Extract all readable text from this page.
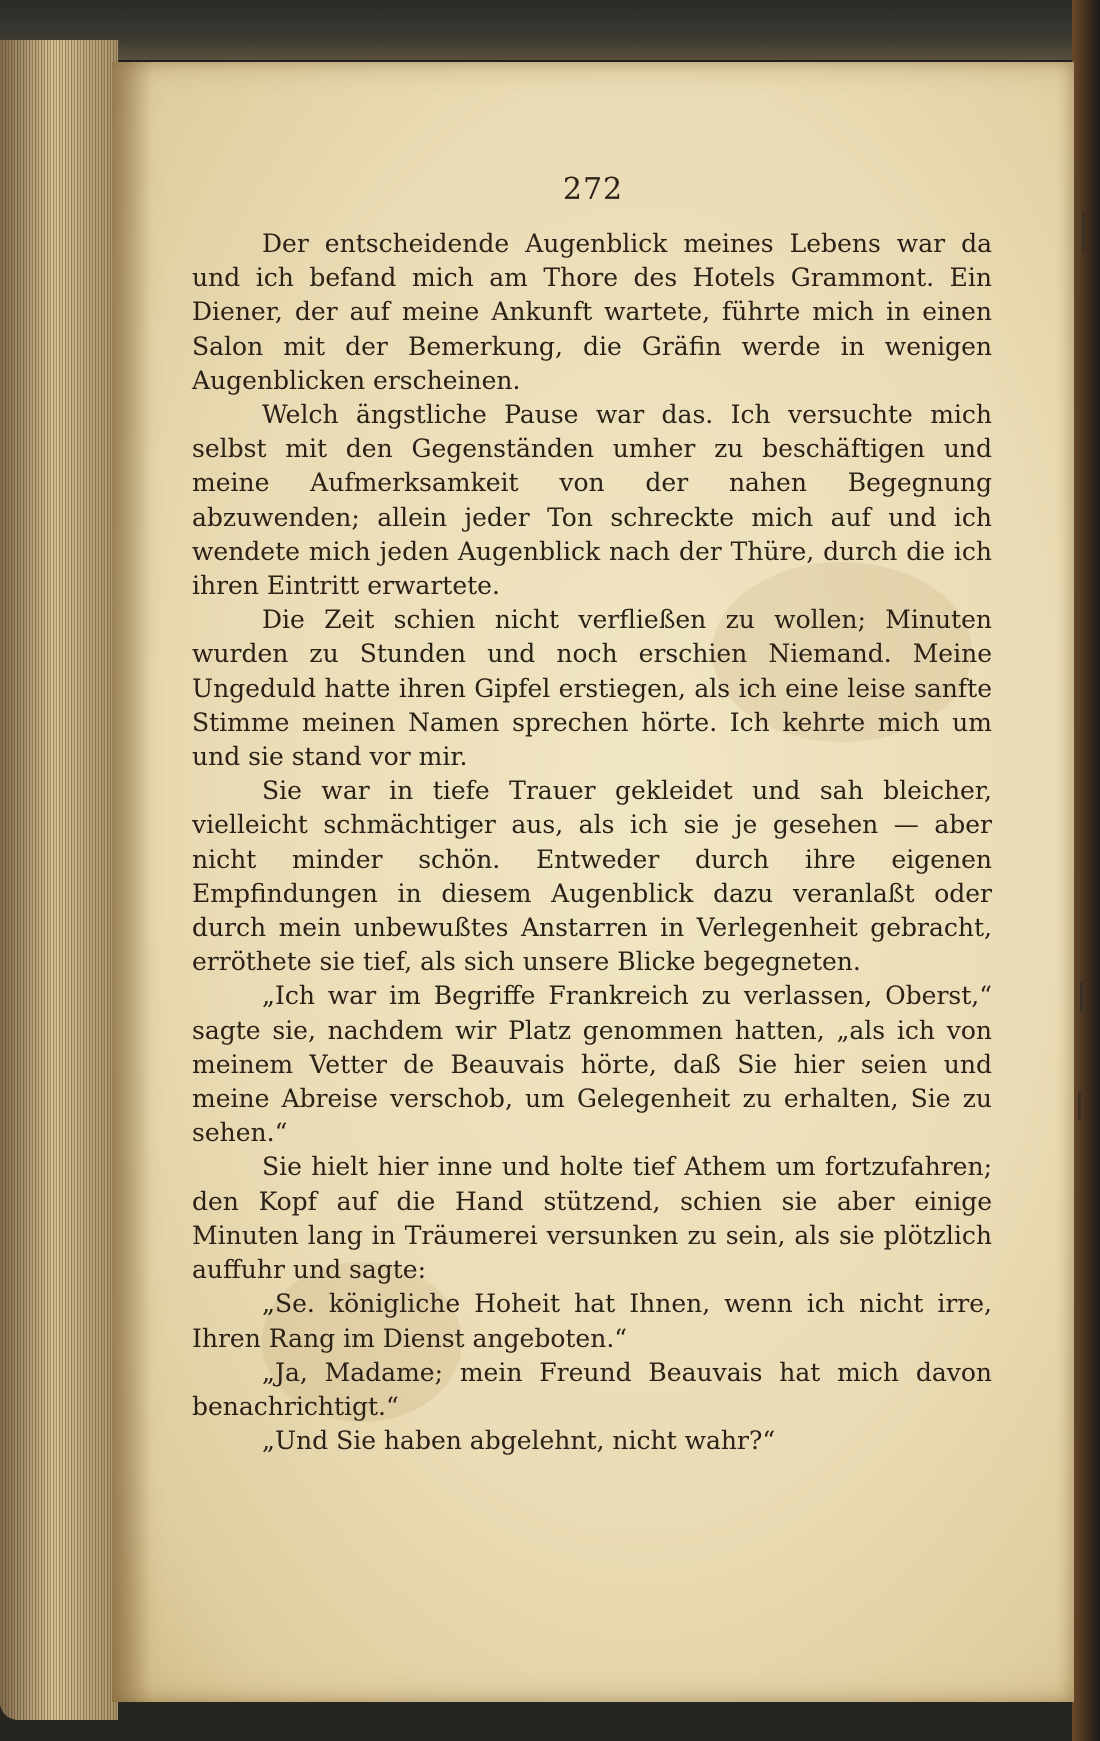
272

Der entscheidende Augenblick meines Lebens war da und ich befand mich am Thore des Hotels Grammont. Ein Diener, der auf meine Ankunft wartete, führte mich in einen Salon mit der Bemerkung, die Gräfin werde in wenigen Augenblicken erscheinen.

Welch ängstliche Pause war das. Ich versuchte mich selbst mit den Gegenständen umher zu beschäftigen und meine Aufmerksamkeit von der nahen Begegnung abzuwenden; allein jeder Ton schreckte mich auf und ich wendete mich jeden Augenblick nach der Thüre, durch die ich ihren Eintritt erwartete.

Die Zeit schien nicht verfließen zu wollen; Minuten wurden zu Stunden und noch erschien Niemand. Meine Ungeduld hatte ihren Gipfel erstiegen, als ich eine leise sanfte Stimme meinen Namen sprechen hörte. Ich kehrte mich um und sie stand vor mir.

Sie war in tiefe Trauer gekleidet und sah bleicher, vielleicht schmächtiger aus, als ich sie je gesehen — aber nicht minder schön. Entweder durch ihre eigenen Empfindungen in diesem Augenblick dazu veranlaßt oder durch mein unbewußtes Anstarren in Verlegenheit gebracht, erröthete sie tief, als sich unsere Blicke begegneten.

„Ich war im Begriffe Frankreich zu verlassen, Oberst,“ sagte sie, nachdem wir Platz genommen hatten, „als ich von meinem Vetter de Beauvais hörte, daß Sie hier seien und meine Abreise verschob, um Gelegenheit zu erhalten, Sie zu sehen.“

Sie hielt hier inne und holte tief Athem um fortzufahren; den Kopf auf die Hand stützend, schien sie aber einige Minuten lang in Träumerei versunken zu sein, als sie plötzlich auffuhr und sagte:

„Se. königliche Hoheit hat Ihnen, wenn ich nicht irre, Ihren Rang im Dienst angeboten.“

„Ja, Madame; mein Freund Beauvais hat mich davon benachrichtigt.“

„Und Sie haben abgelehnt, nicht wahr?“
